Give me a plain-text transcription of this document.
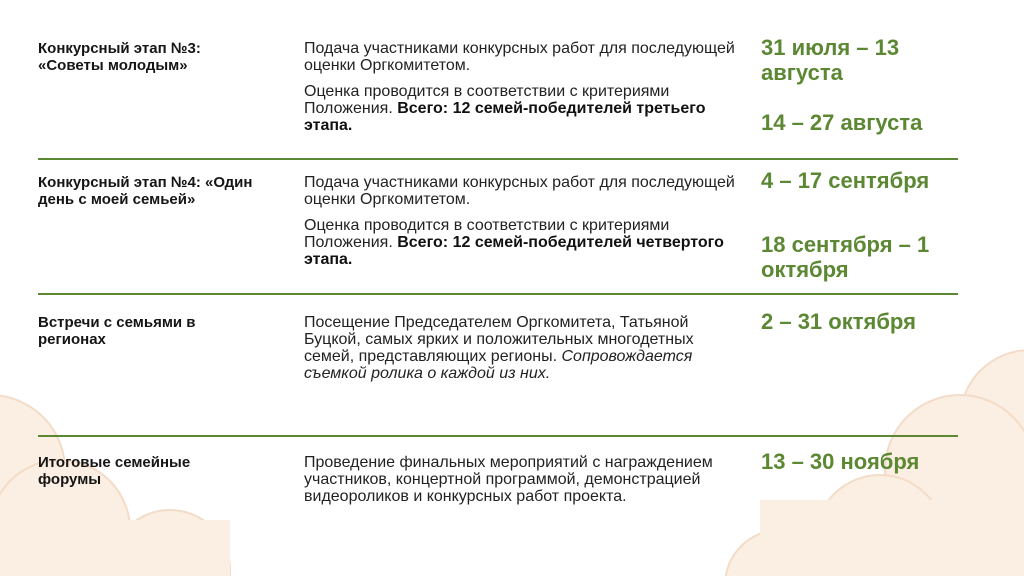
Конкурсный этап №3: «Советы молодым»

Подача участниками конкурсных работ для последующей оценки Оргкомитетом.

Оценка проводится в соответствии с критериями Положения. Всего: 12 семей-победителей третьего этапа.

31 июля – 13 августа
14 – 27 августа
Конкурсный этап №4: «Один день с моей семьей»

Подача участниками конкурсных работ для последующей оценки Оргкомитетом.

Оценка проводится в соответствии с критериями Положения. Всего: 12 семей-победителей четвертого этапа.

4 – 17 сентября
18 сентября – 1 октября
Встречи с семьями в регионах

Посещение Председателем Оргкомитета, Татьяной Буцкой, самых ярких и положительных многодетных семей, представляющих регионы. Сопровождается съемкой ролика о каждой из них.

2 – 31 октября
Итоговые семейные форумы

Проведение финальных мероприятий с награждением участников, концертной программой, демонстрацией видеороликов и конкурсных работ проекта.

13 – 30 ноября
